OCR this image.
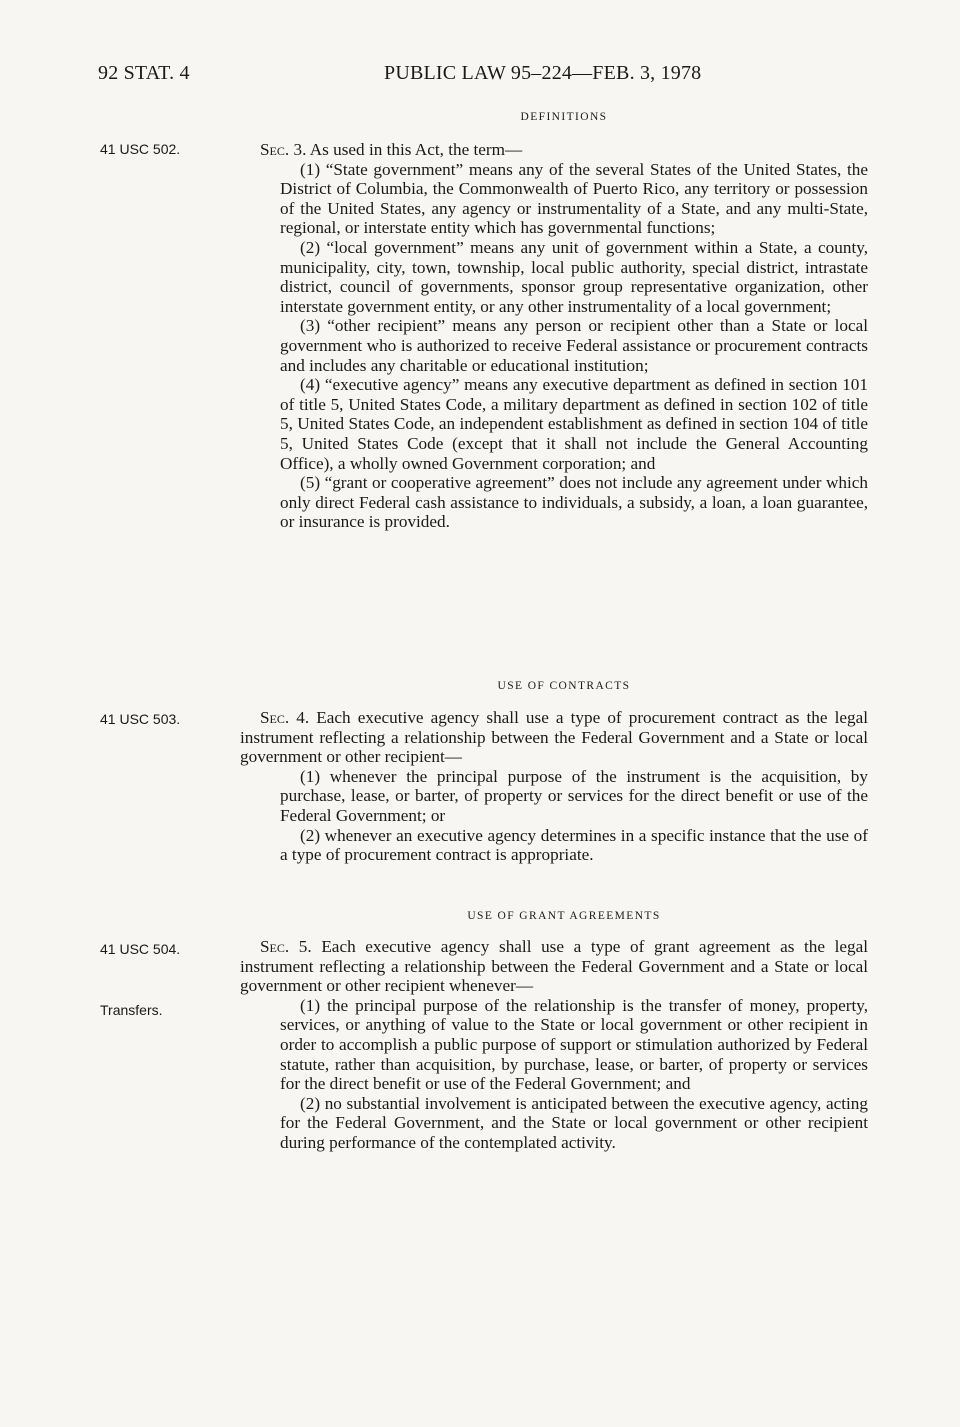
92 STAT. 4	PUBLIC LAW 95–224—FEB. 3, 1978
DEFINITIONS
41 USC 502.	Sec. 3. As used in this Act, the term—

(1) “State government” means any of the several States of the United States, the District of Columbia, the Commonwealth of Puerto Rico, any territory or possession of the United States, any agency or instrumentality of a State, and any multi-State, regional, or interstate entity which has governmental functions;

(2) “local government” means any unit of government within a State, a county, municipality, city, town, township, local public authority, special district, intrastate district, council of governments, sponsor group representative organization, other interstate government entity, or any other instrumentality of a local government;

(3) “other recipient” means any person or recipient other than a State or local government who is authorized to receive Federal assistance or procurement contracts and includes any charitable or educational institution;

(4) “executive agency” means any executive department as defined in section 101 of title 5, United States Code, a military department as defined in section 102 of title 5, United States Code, an independent establishment as defined in section 104 of title 5, United States Code (except that it shall not include the General Accounting Office), a wholly owned Government corporation; and

(5) “grant or cooperative agreement” does not include any agreement under which only direct Federal cash assistance to individuals, a subsidy, a loan, a loan guarantee, or insurance is provided.

USE OF CONTRACTS
41 USC 503.	Sec. 4. Each executive agency shall use a type of procurement contract as the legal instrument reflecting a relationship between the Federal Government and a State or local government or other recipient—

(1) whenever the principal purpose of the instrument is the acquisition, by purchase, lease, or barter, of property or services for the direct benefit or use of the Federal Government; or

(2) whenever an executive agency determines in a specific instance that the use of a type of procurement contract is appropriate.

USE OF GRANT AGREEMENTS
41 USC 504.
Transfers.

Sec. 5. Each executive agency shall use a type of grant agreement as the legal instrument reflecting a relationship between the Federal Government and a State or local government or other recipient whenever—

(1) the principal purpose of the relationship is the transfer of money, property, services, or anything of value to the State or local government or other recipient in order to accomplish a public purpose of support or stimulation authorized by Federal statute, rather than acquisition, by purchase, lease, or barter, of property or services for the direct benefit or use of the Federal Government; and

(2) no substantial involvement is anticipated between the executive agency, acting for the Federal Government, and the State or local government or other recipient during performance of the contemplated activity.
